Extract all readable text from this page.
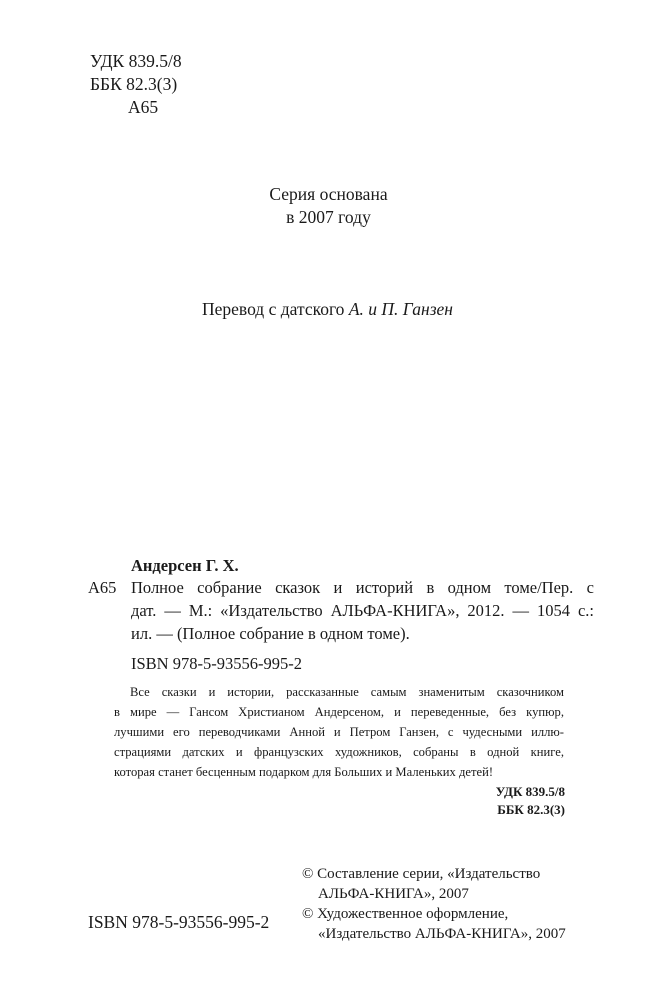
УДК 839.5/8
ББК 82.3(3)
А65
Серия основана
в 2007 году
Перевод с датского А. и П. Ганзен
Андерсен Г. Х.
А65 Полное собрание сказок и историй в одном томе/Пер. с
дат. — М.: «Издательство АЛЬФА-КНИГА», 2012. — 1054 с.:
ил. — (Полное собрание в одном томе).
ISBN 978-5-93556-995-2
Все сказки и истории, рассказанные самым знаменитым сказочником
в мире — Гансом Христианом Андерсеном, и переведенные, без купюр,
лучшими его переводчиками Анной и Петром Ганзен, с чудесными иллю-
страциями датских и французских художников, собраны в одной книге,
которая станет бесценным подарком для Больших и Маленьких детей!
УДК 839.5/8
ББК 82.3(3)
© Составление серии, «Издательство
АЛЬФА-КНИГА», 2007
© Художественное оформление,
«Издательство АЛЬФА-КНИГА», 2007
ISBN 978-5-93556-995-2
